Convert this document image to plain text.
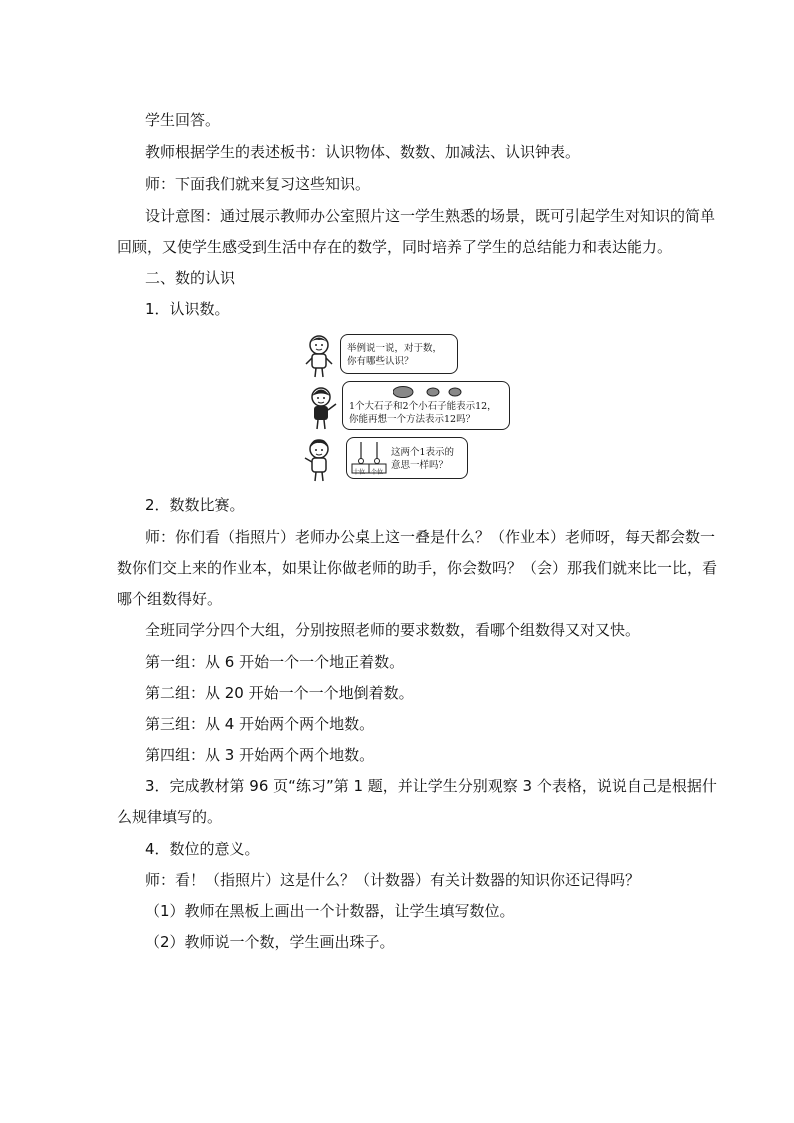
学生回答。

教师根据学生的表述板书：认识物体、数数、加减法、认识钟表。

师：下面我们就来复习这些知识。

设计意图：通过展示教师办公室照片这一学生熟悉的场景，既可引起学生对知识的简单

回顾，又使学生感受到生活中存在的数学，同时培养了学生的总结能力和表达能力。

二、数的认识

1．认识数。

举例说一说，对于数，
你有哪些认识？
1个大石子和2个小石子能表示12，
你能再想一个方法表示12吗？
十位 个位
这两个1表示的
意思一样吗？

2．数数比赛。

师：你们看（指照片）老师办公桌上这一叠是什么？（作业本）老师呀，每天都会数一

数你们交上来的作业本，如果让你做老师的助手，你会数吗？（会）那我们就来比一比，看

哪个组数得好。

全班同学分四个大组，分别按照老师的要求数数，看哪个组数得又对又快。

第一组：从 6 开始一个一个地正着数。

第二组：从 20 开始一个一个地倒着数。

第三组：从 4 开始两个两个地数。

第四组：从 3 开始两个两个地数。

3．完成教材第 96 页“练习”第 1 题，并让学生分别观察 3 个表格，说说自己是根据什

么规律填写的。

4．数位的意义。

师：看！（指照片）这是什么？（计数器）有关计数器的知识你还记得吗？

（1）教师在黑板上画出一个计数器，让学生填写数位。

（2）教师说一个数，学生画出珠子。
